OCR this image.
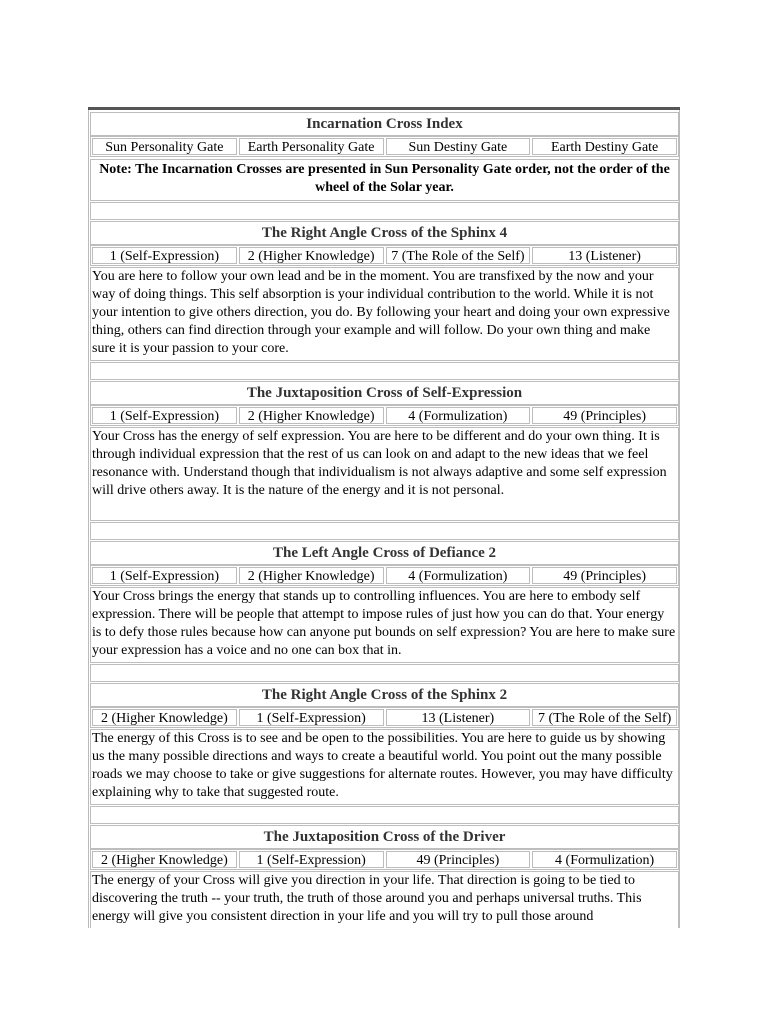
Incarnation Cross Index
Sun Personality Gate	Earth Personality Gate	Sun Destiny Gate	Earth Destiny Gate
Note: The Incarnation Crosses are presented in Sun Personality Gate order, not the order of the wheel of the Solar year.
The Right Angle Cross of the Sphinx 4
1 (Self-Expression)	2 (Higher Knowledge)	7 (The Role of the Self)	13 (Listener)
You are here to follow your own lead and be in the moment. You are transfixed by the now and your way of doing things. This self absorption is your individual contribution to the world. While it is not your intention to give others direction, you do. By following your heart and doing your own expressive thing, others can find direction through your example and will follow. Do your own thing and make sure it is your passion to your core.
The Juxtaposition Cross of Self-Expression
1 (Self-Expression)	2 (Higher Knowledge)	4 (Formulization)	49 (Principles)
Your Cross has the energy of self expression. You are here to be different and do your own thing. It is through individual expression that the rest of us can look on and adapt to the new ideas that we feel resonance with. Understand though that individualism is not always adaptive and some self expression will drive others away. It is the nature of the energy and it is not personal.
The Left Angle Cross of Defiance 2
1 (Self-Expression)	2 (Higher Knowledge)	4 (Formulization)	49 (Principles)
Your Cross brings the energy that stands up to controlling influences. You are here to embody self expression. There will be people that attempt to impose rules of just how you can do that. Your energy is to defy those rules because how can anyone put bounds on self expression? You are here to make sure your expression has a voice and no one can box that in.
The Right Angle Cross of the Sphinx 2
2 (Higher Knowledge)	1 (Self-Expression)	13 (Listener)	7 (The Role of the Self)
The energy of this Cross is to see and be open to the possibilities. You are here to guide us by showing us the many possible directions and ways to create a beautiful world. You point out the many possible roads we may choose to take or give suggestions for alternate routes. However, you may have difficulty explaining why to take that suggested route.
The Juxtaposition Cross of the Driver
2 (Higher Knowledge)	1 (Self-Expression)	49 (Principles)	4 (Formulization)
The energy of your Cross will give you direction in your life. That direction is going to be tied to discovering the truth -- your truth, the truth of those around you and perhaps universal truths. This energy will give you consistent direction in your life and you will try to pull those around
